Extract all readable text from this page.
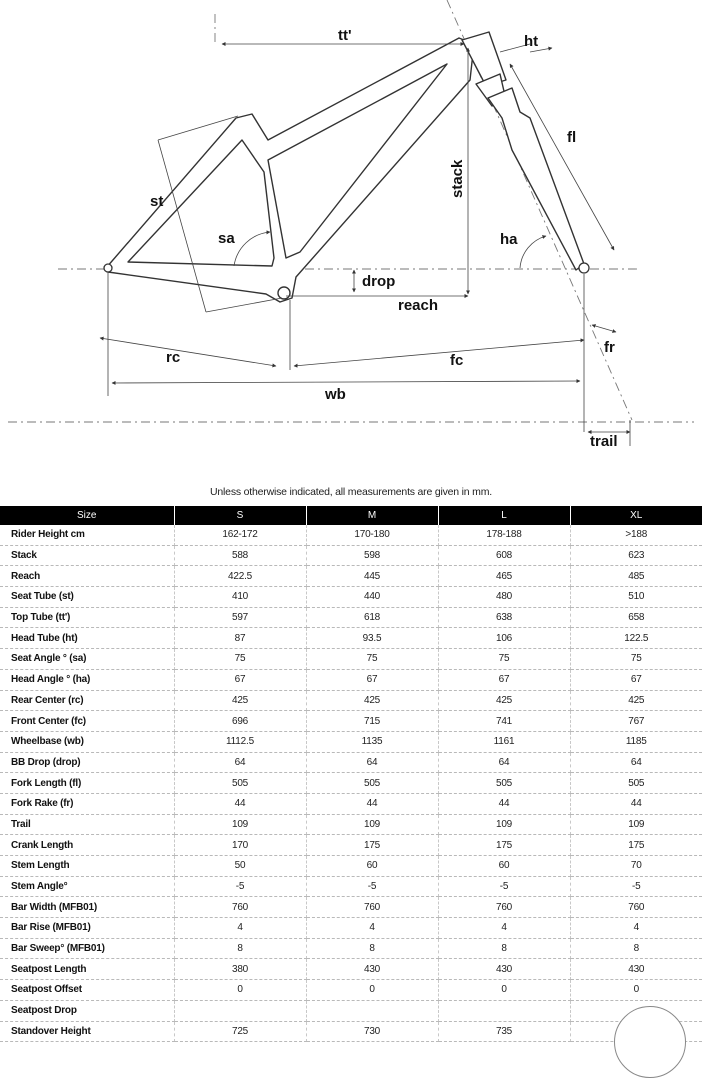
tt'	ht
fl
st
sa
stack
ha
drop
reach
rc	fc
fr
wb
trail
Unless otherwise indicated, all measurements are given in mm.
Size	S	M	L	XL
Rider Height cm	162-172	170-180	178-188	>188
Stack	588	598	608	623
Reach	422.5	445	465	485
Seat Tube (st)	410	440	480	510
Top Tube (tt')	597	618	638	658
Head Tube (ht)	87	93.5	106	122.5
Seat Angle ° (sa)	75	75	75	75
Head Angle ° (ha)	67	67	67	67
Rear Center (rc)	425	425	425	425
Front Center (fc)	696	715	741	767
Wheelbase (wb)	1112.5	1135	1161	1185
BB Drop (drop)	64	64	64	64
Fork Length (fl)	505	505	505	505
Fork Rake (fr)	44	44	44	44
Trail	109	109	109	109
Crank Length	170	175	175	175
Stem Length	50	60	60	70
Stem Angle°	-5	-5	-5	-5
Bar Width (MFB01)	760	760	760	760
Bar Rise (MFB01)	4	4	4	4
Bar Sweep° (MFB01)	8	8	8	8
Seatpost Length	380	430	430	430
Seatpost Offset	0	0	0	0
Seatpost Drop				
Standover Height	725	730	735	
